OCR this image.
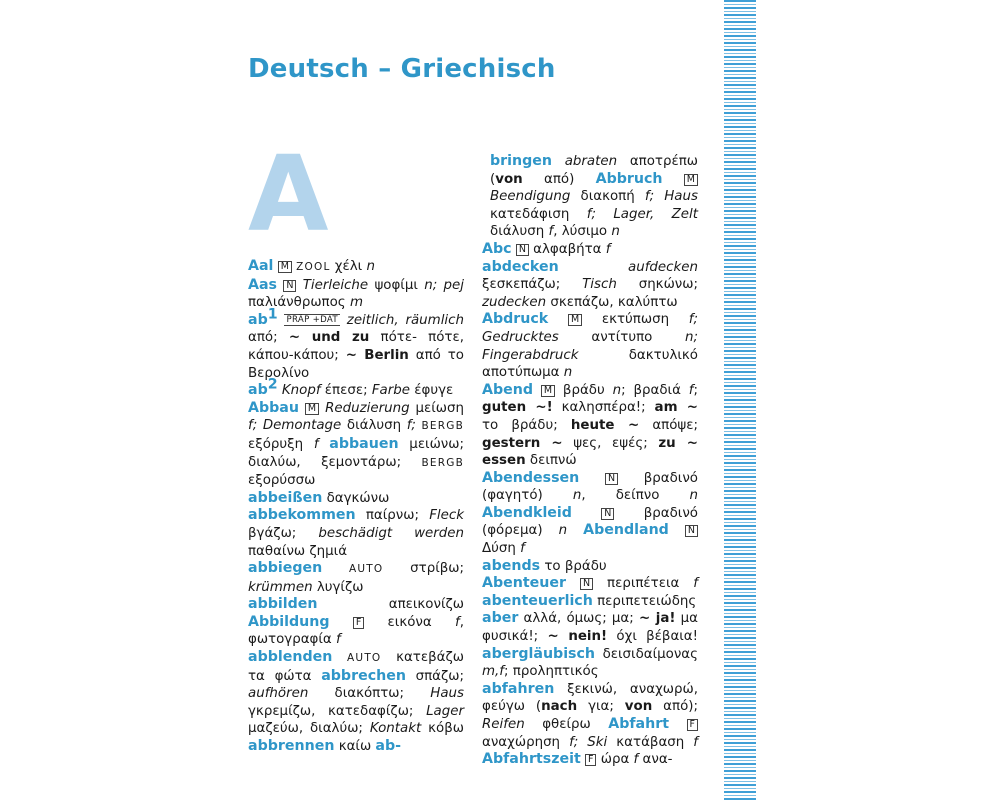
Deutsch – Griechisch
A

Aal M ZOOL χέλι n

Aas N Tierleiche ψοφίμι n; pej παλιάνθρωπος m

$ab^1$ PRÄP +DAT zeitlich, räumlich από; ~ und zu πότε- πότε, κάπου-κάπου; ~ Berlin από το Βερολίνο

$ab^2$ Knopf έπεσε; Farbe έφυγε

Abbau M Reduzierung μείωση f; Demontage διάλυση f; BERGB εξόρυξη f abbauen μειώνω; διαλύω, ξεμοντάρω; BERGB εξορύσσω

abbeißen δαγκώνω

abbekommen παίρνω; Fleck βγάζω; beschädigt werden παθαίνω ζημιά

abbiegen	AUTO στρίβω; krümmen λυγίζω

abbilden απεικονίζω Abbildung	F εικόνα f, φωτογραφία f

abblenden AUTO κατεβάζω τα φώτα abbrechen σπάζω; aufhören διακόπτω; Haus γκρεμίζω, κατεδαφίζω; Lager μαζεύω, διαλύω; Kontakt κόβω abbrennen καίω ab-

bringen abraten αποτρέπω (von από) Abbruch	M Beendigung διακοπή f; Haus κατεδάφιση f; Lager, Zelt διάλυση f, λύσιμο n

Abc N αλφαβήτα f

abdecken aufdecken ξεσκεπάζω; Tisch σηκώνω; zudecken σκεπάζω, καλύπτω

Abdruck M εκτύπωση f; Gedrucktes αντίτυπο n; Fingerabdruck δακτυλικό αποτύπωμα n

Abend M βράδυ n; βραδιά f; guten ~! καλησπέρα!; am ~ το βράδυ; heute ~ απόψε; gestern ~ ψες, εψές; zu ~ essen δειπνώ

Abendessen	N βραδινό (φαγητό) n, δείπνο n Abendkleid	N βραδινό (φόρεμα) n Abendland N Δύση f

abends το βράδυ

Abenteuer N περιπέτεια f abenteuerlich περιπετειώδης

aber αλλά, όμως; μα; ~ ja! μα φυσικά!; ~ nein! όχι βέβαια! abergläubisch δεισιδαίμονας m,f; προληπτικός

abfahren ξεκινώ, αναχωρώ, φεύγω (nach για; von από); Reifen φθείρω Abfahrt F αναχώρηση f; Ski κατάβαση f Abfahrtszeit F ώρα f ανα-
